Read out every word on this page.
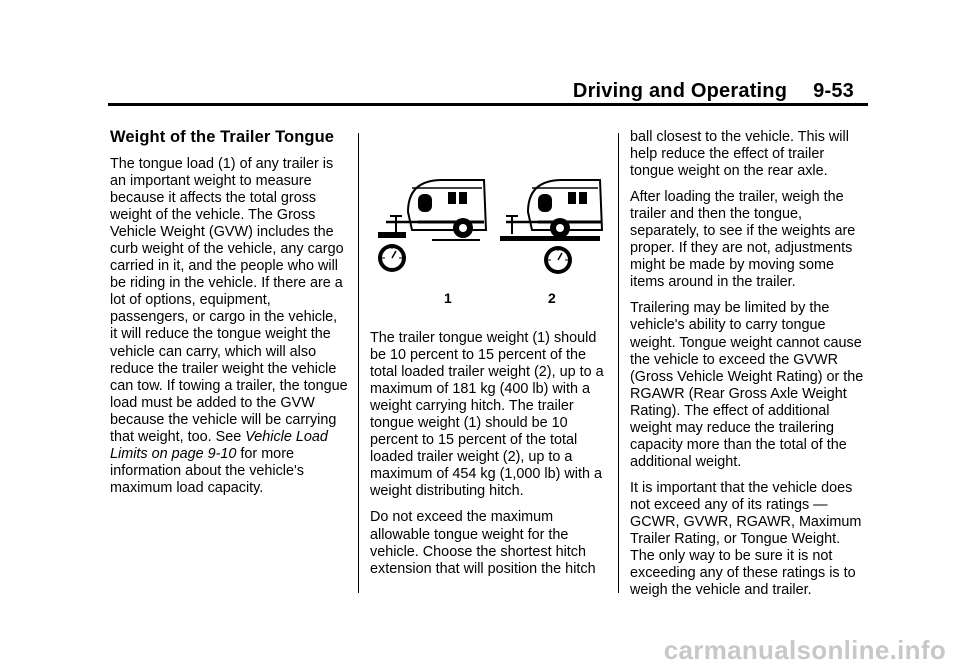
Driving and Operating 9-53
Weight of the Trailer Tongue

The tongue load (1) of any trailer is an important weight to measure because it affects the total gross weight of the vehicle. The Gross Vehicle Weight (GVW) includes the curb weight of the vehicle, any cargo carried in it, and the people who will be riding in the vehicle. If there are a lot of options, equipment, passengers, or cargo in the vehicle, it will reduce the tongue weight the vehicle can carry, which will also reduce the trailer weight the vehicle can tow. If towing a trailer, the tongue load must be added to the GVW because the vehicle will be carrying that weight, too. See Vehicle Load Limits on page 9-10 for more information about the vehicle's maximum load capacity.

1	2

The trailer tongue weight (1) should be 10 percent to 15 percent of the total loaded trailer weight (2), up to a maximum of 181 kg (400 lb) with a weight carrying hitch. The trailer tongue weight (1) should be 10 percent to 15 percent of the total loaded trailer weight (2), up to a maximum of 454 kg (1,000 lb) with a weight distributing hitch.

Do not exceed the maximum allowable tongue weight for the vehicle. Choose the shortest hitch extension that will position the hitch

ball closest to the vehicle. This will help reduce the effect of trailer tongue weight on the rear axle.

After loading the trailer, weigh the trailer and then the tongue, separately, to see if the weights are proper. If they are not, adjustments might be made by moving some items around in the trailer.

Trailering may be limited by the vehicle's ability to carry tongue weight. Tongue weight cannot cause the vehicle to exceed the GVWR (Gross Vehicle Weight Rating) or the RGAWR (Rear Gross Axle Weight Rating). The effect of additional weight may reduce the trailering capacity more than the total of the additional weight.

It is important that the vehicle does not exceed any of its ratings — GCWR, GVWR, RGAWR, Maximum Trailer Rating, or Tongue Weight. The only way to be sure it is not exceeding any of these ratings is to weigh the vehicle and trailer.

carmanualsonline.info
